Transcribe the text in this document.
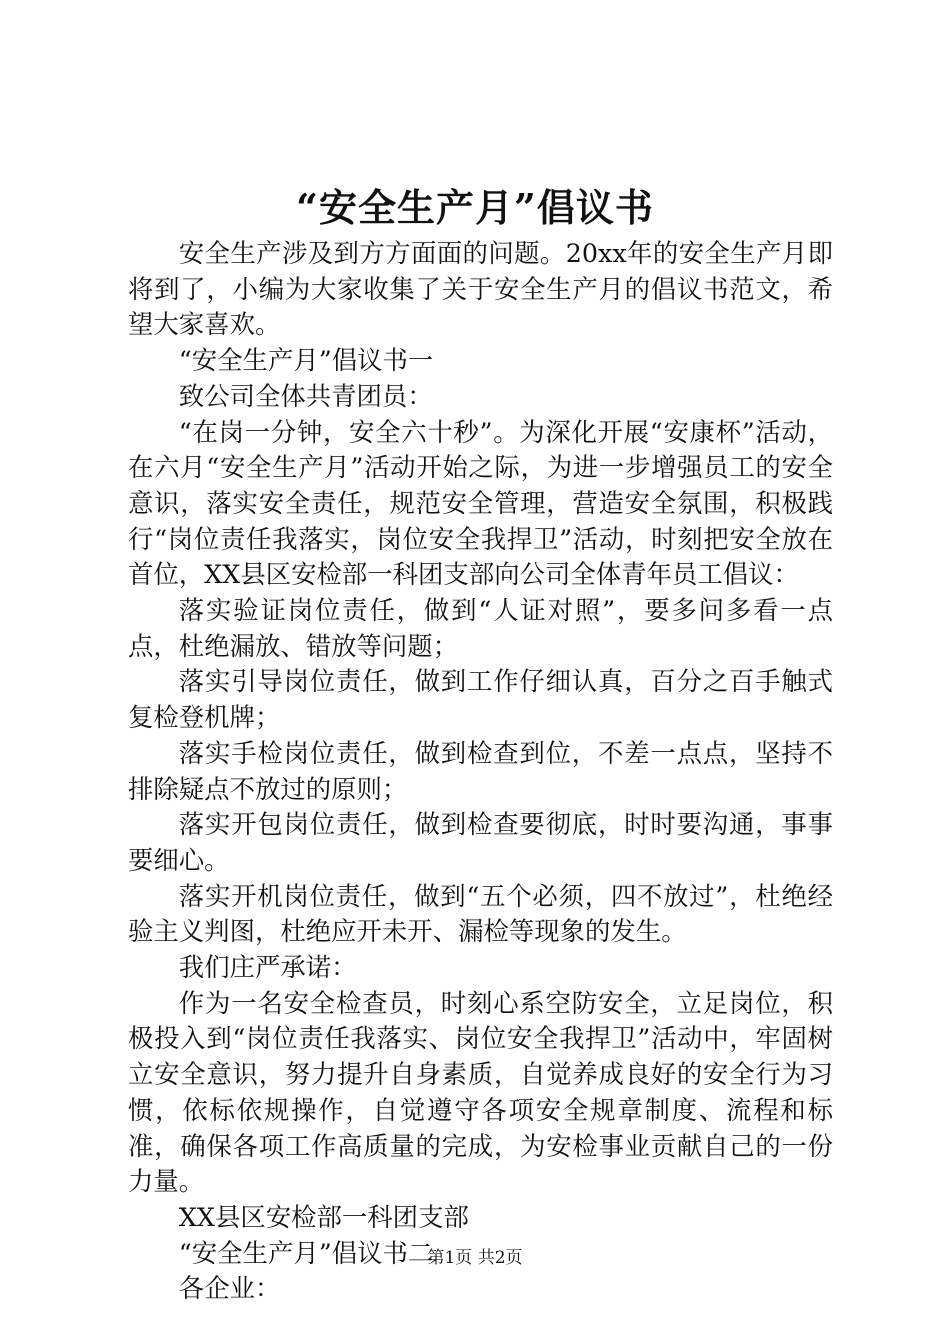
“安全生产月”倡议书

安全生产涉及到方方面面的问题。20xx年的安全生产月即将到了，小编为大家收集了关于安全生产月的倡议书范文，希望大家喜欢。

“安全生产月”倡议书一

致公司全体共青团员：

“在岗一分钟，安全六十秒”。为深化开展“安康杯”活动，在六月“安全生产月”活动开始之际，为进一步增强员工的安全意识，落实安全责任，规范安全管理，营造安全氛围，积极践行“岗位责任我落实，岗位安全我捍卫”活动，时刻把安全放在首位，XX县区安检部一科团支部向公司全体青年员工倡议：

落实验证岗位责任，做到“人证对照”，要多问多看一点点，杜绝漏放、错放等问题；

落实引导岗位责任，做到工作仔细认真，百分之百手触式复检登机牌；

落实手检岗位责任，做到检查到位，不差一点点，坚持不排除疑点不放过的原则；

落实开包岗位责任，做到检查要彻底，时时要沟通，事事要细心。

落实开机岗位责任，做到“五个必须，四不放过”，杜绝经验主义判图，杜绝应开未开、漏检等现象的发生。

我们庄严承诺：

作为一名安全检查员，时刻心系空防安全，立足岗位，积极投入到“岗位责任我落实、岗位安全我捍卫”活动中，牢固树立安全意识，努力提升自身素质，自觉养成良好的安全行为习惯，依标依规操作，自觉遵守各项安全规章制度、流程和标准，确保各项工作高质量的完成，为安检事业贡献自己的一份力量。

XX县区安检部一科团支部

“安全生产月”倡议书二

各企业：

第1页 共2页
